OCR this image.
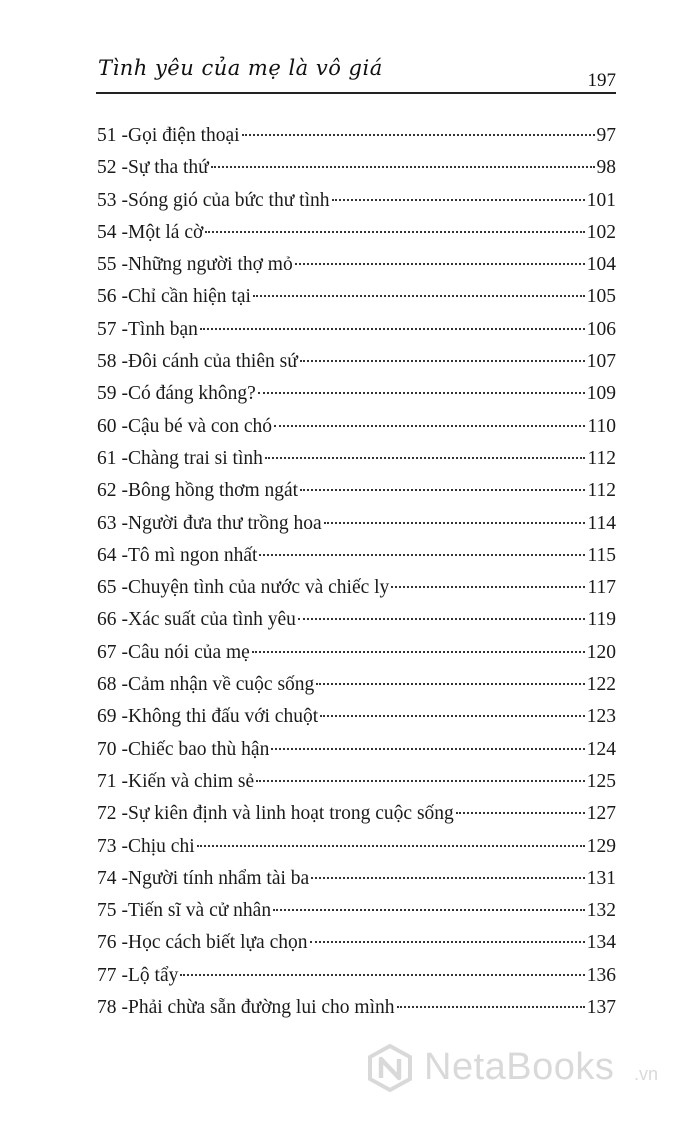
Tình yêu của mẹ là vô giá
197
51 - Gọi điện thoại	97
52 - Sự tha thứ	98
53 - Sóng gió của bức thư tình	101
54 - Một lá cờ	102
55 - Những người thợ mỏ	104
56 - Chỉ cần hiện tại	105
57 - Tình bạn	106
58 - Đôi cánh của thiên sứ	107
59 - Có đáng không?	109
60 - Cậu bé và con chó	110
61 - Chàng trai si tình	112
62 - Bông hồng thơm ngát	112
63 - Người đưa thư trồng hoa	114
64 - Tô mì ngon nhất	115
65 - Chuyện tình của nước và chiếc ly	117
66 - Xác suất của tình yêu	119
67 - Câu nói của mẹ	120
68 - Cảm nhận về cuộc sống	122
69 - Không thi đấu với chuột	123
70 - Chiếc bao thù hận	124
71 - Kiến và chim sẻ	125
72 - Sự kiên định và linh hoạt trong cuộc sống	127
73 - Chịu chi	129
74 - Người tính nhẩm tài ba	131
75 - Tiến sĩ và cử nhân	132
76 - Học cách biết lựa chọn	134
77 - Lộ tẩy	136
78 - Phải chừa sẵn đường lui cho mình	137
NetaBooks .vn
